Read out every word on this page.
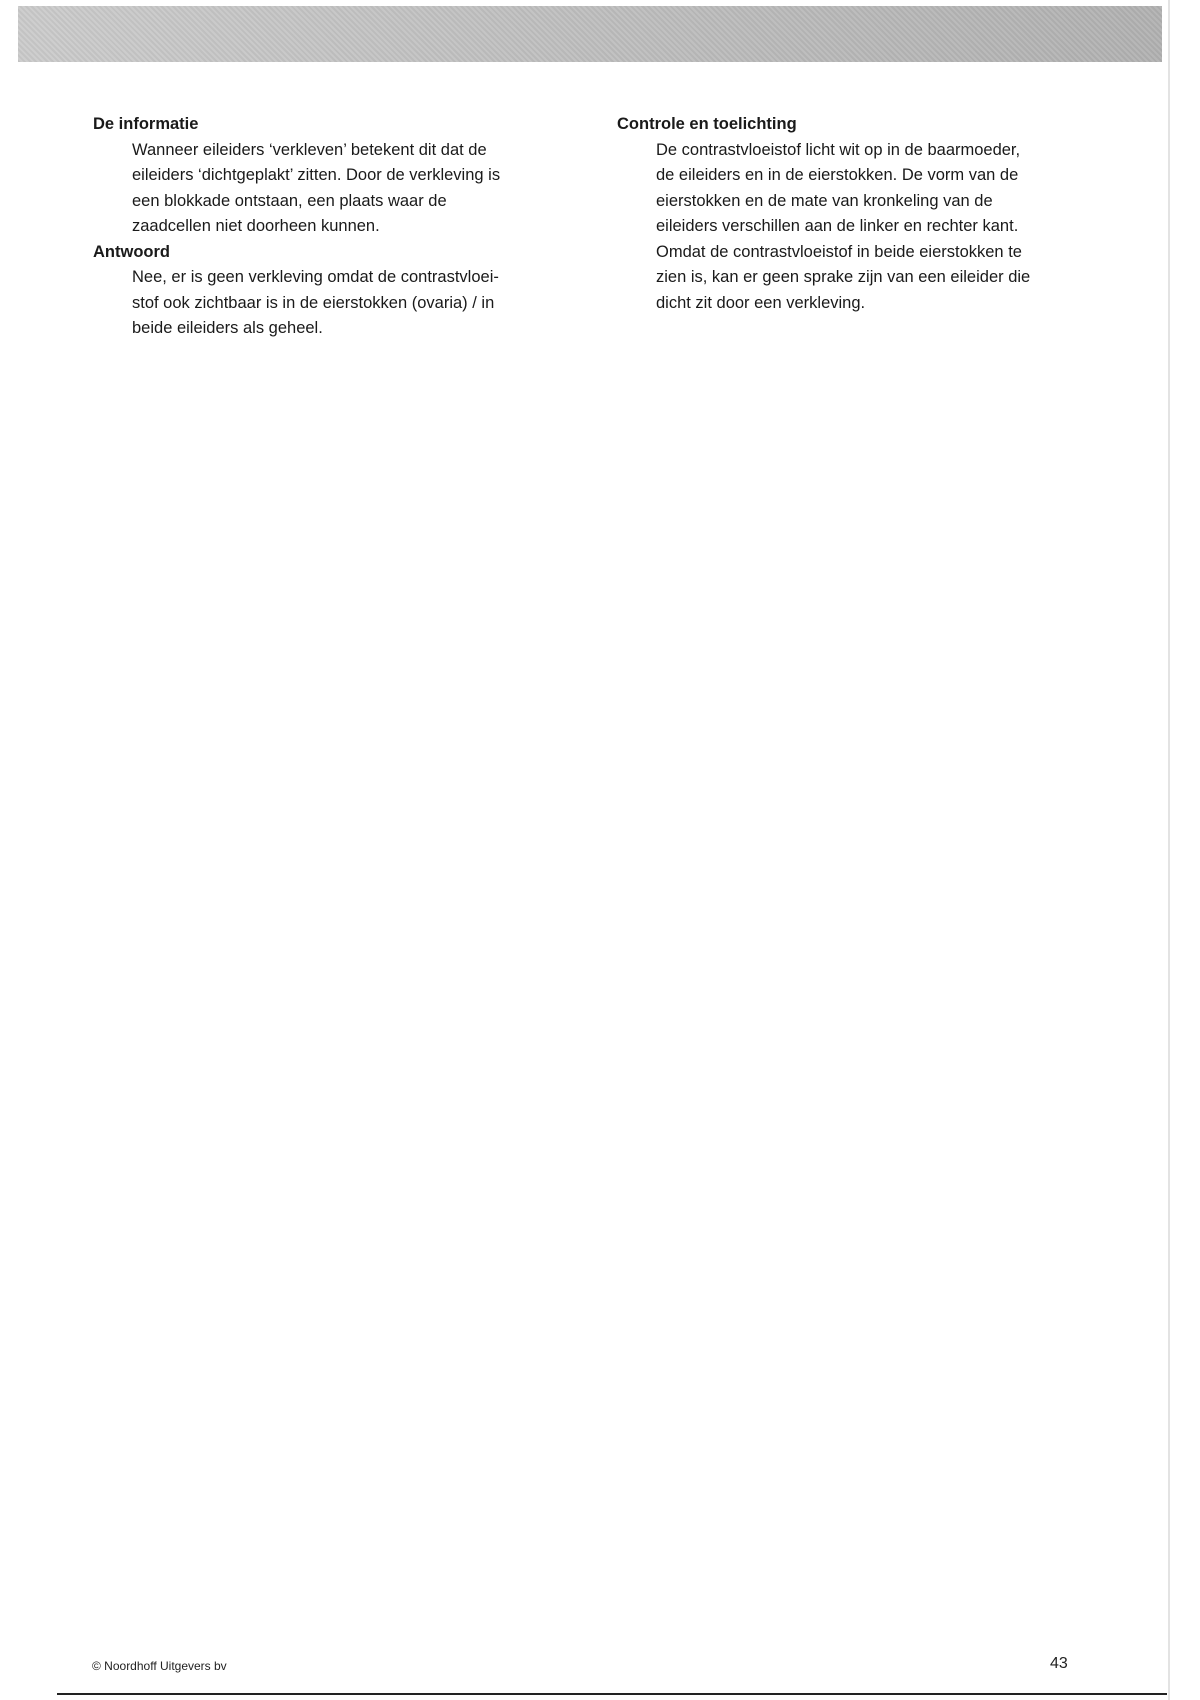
De informatie

Wanneer eileiders ‘verkleven’ betekent dit dat de
eileiders ‘dichtgeplakt’ zitten. Door de verkleving is
een blokkade ontstaan, een plaats waar de
zaadcellen niet doorheen kunnen.

Antwoord

Nee, er is geen verkleving omdat de contrastvloei-
stof ook zichtbaar is in de eierstokken (ovaria) / in
beide eileiders als geheel.

Controle en toelichting

De contrastvloeistof licht wit op in de baarmoeder,
de eileiders en in de eierstokken. De vorm van de
eierstokken en de mate van kronkeling van de
eileiders verschillen aan de linker en rechter kant.
Omdat de contrastvloeistof in beide eierstokken te
zien is, kan er geen sprake zijn van een eileider die
dicht zit door een verkleving.

© Noordhoff Uitgevers bv	43
